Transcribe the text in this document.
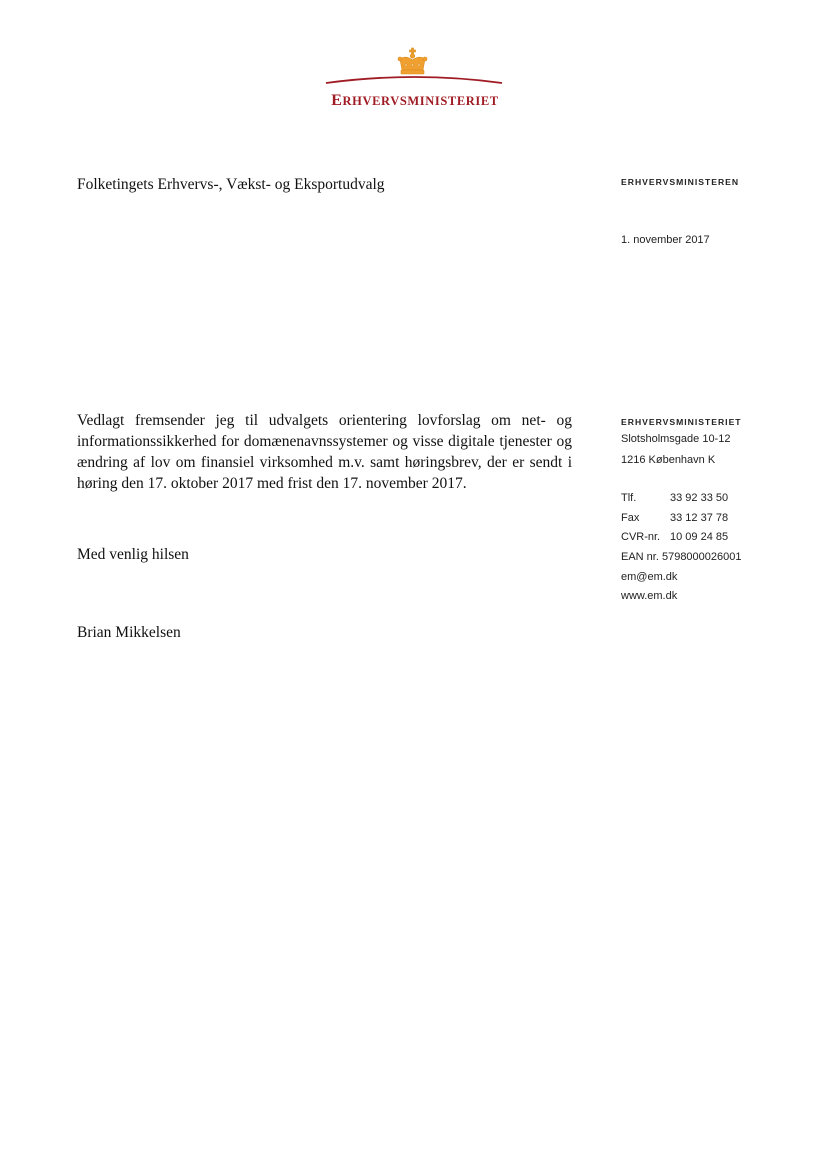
ERHVERVSMINISTERIET
Folketingets Erhvervs-, Vækst- og Eksportudvalg	ERHVERVSMINISTEREN
1. november 2017
Vedlagt fremsender jeg til udvalgets orientering lovforslag om net- og informationssikkerhed for domænenavnssystemer og visse digitale tjenester og ændring af lov om finansiel virksomhed m.v. samt høringsbrev, der er sendt i høring den 17. oktober 2017 med frist den 17. november 2017.
Med venlig hilsen
Brian Mikkelsen
ERHVERVSMINISTERIET
Slotsholmsgade 10-12
1216 København K
Tlf.	33 92 33 50
Fax	33 12 37 78
CVR-nr. 10 09 24 85
EAN nr. 5798000026001
em@em.dk
www.em.dk
